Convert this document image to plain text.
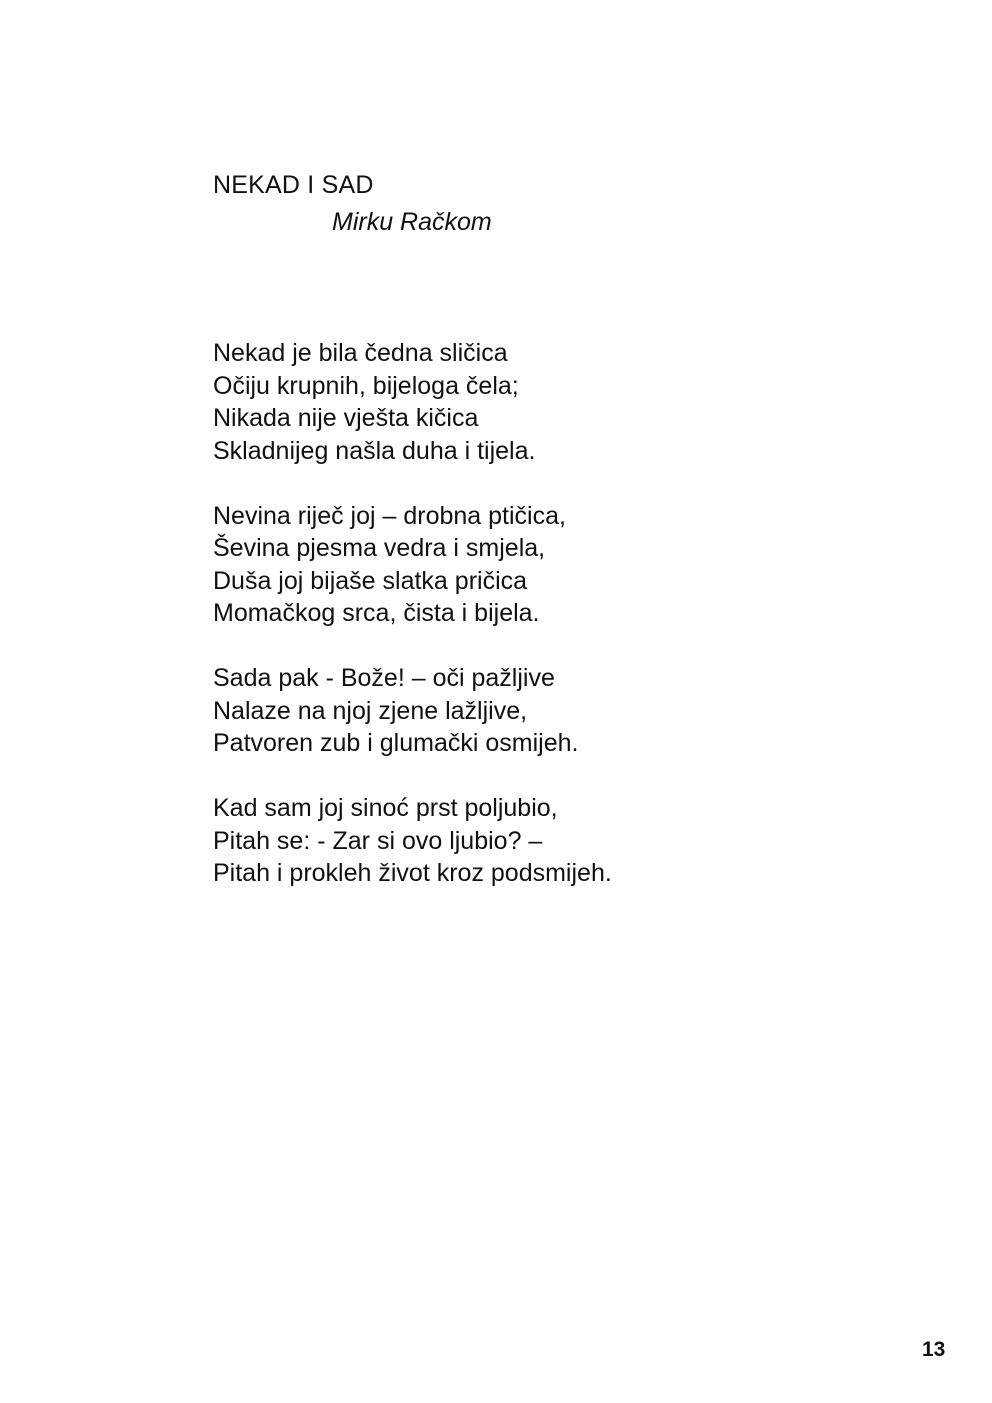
NEKAD I SAD
Mirku Račkom
Nekad je bila čedna sličica
Očiju krupnih, bijeloga čela;
Nikada nije vješta kičica
Skladnijeg našla duha i tijela.
Nevina riječ joj – drobna ptičica,
Ševina pjesma vedra i smjela,
Duša joj bijaše slatka pričica
Momačkog srca, čista i bijela.
Sada pak - Bože! – oči pažljive
Nalaze na njoj zjene lažljive,
Patvoren zub i glumački osmijeh.
Kad sam joj sinoć prst poljubio,
Pitah se: - Zar si ovo ljubio? –
Pitah i prokleh život kroz podsmijeh.
13
